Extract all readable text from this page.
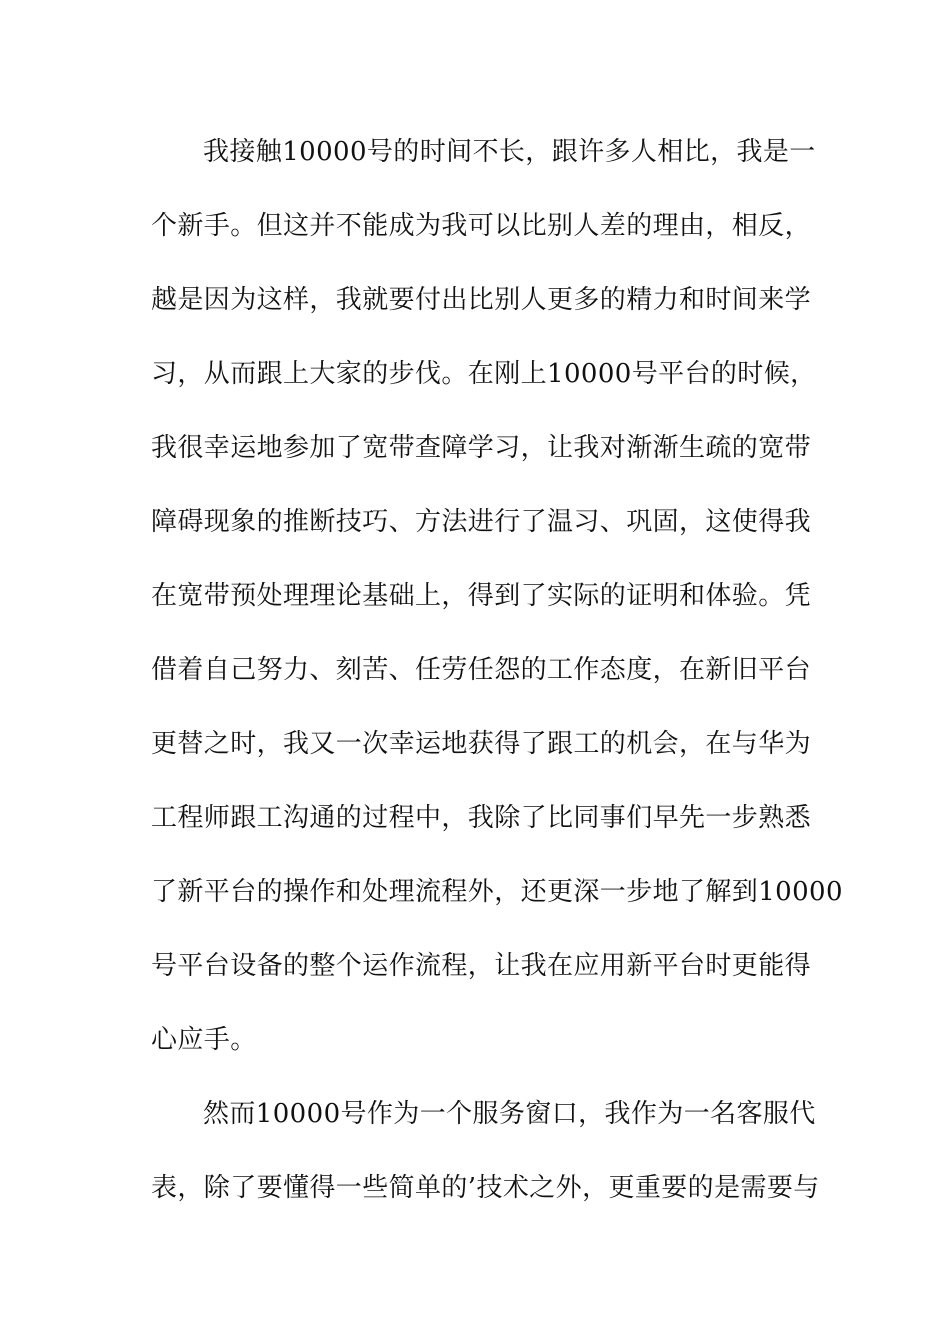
我接触10000号的时间不长，跟许多人相比，我是一
个新手。但这并不能成为我可以比别人差的理由，相反，
越是因为这样，我就要付出比别人更多的精力和时间来学
习，从而跟上大家的步伐。在刚上10000号平台的时候，
我很幸运地参加了宽带查障学习，让我对渐渐生疏的宽带
障碍现象的推断技巧、方法进行了温习、巩固，这使得我
在宽带预处理理论基础上，得到了实际的证明和体验。凭
借着自己努力、刻苦、任劳任怨的工作态度，在新旧平台
更替之时，我又一次幸运地获得了跟工的机会，在与华为
工程师跟工沟通的过程中，我除了比同事们早先一步熟悉
了新平台的操作和处理流程外，还更深一步地了解到10000
号平台设备的整个运作流程，让我在应用新平台时更能得
心应手。
然而10000号作为一个服务窗口，我作为一名客服代
表，除了要懂得一些简单的’技术之外，更重要的是需要与
